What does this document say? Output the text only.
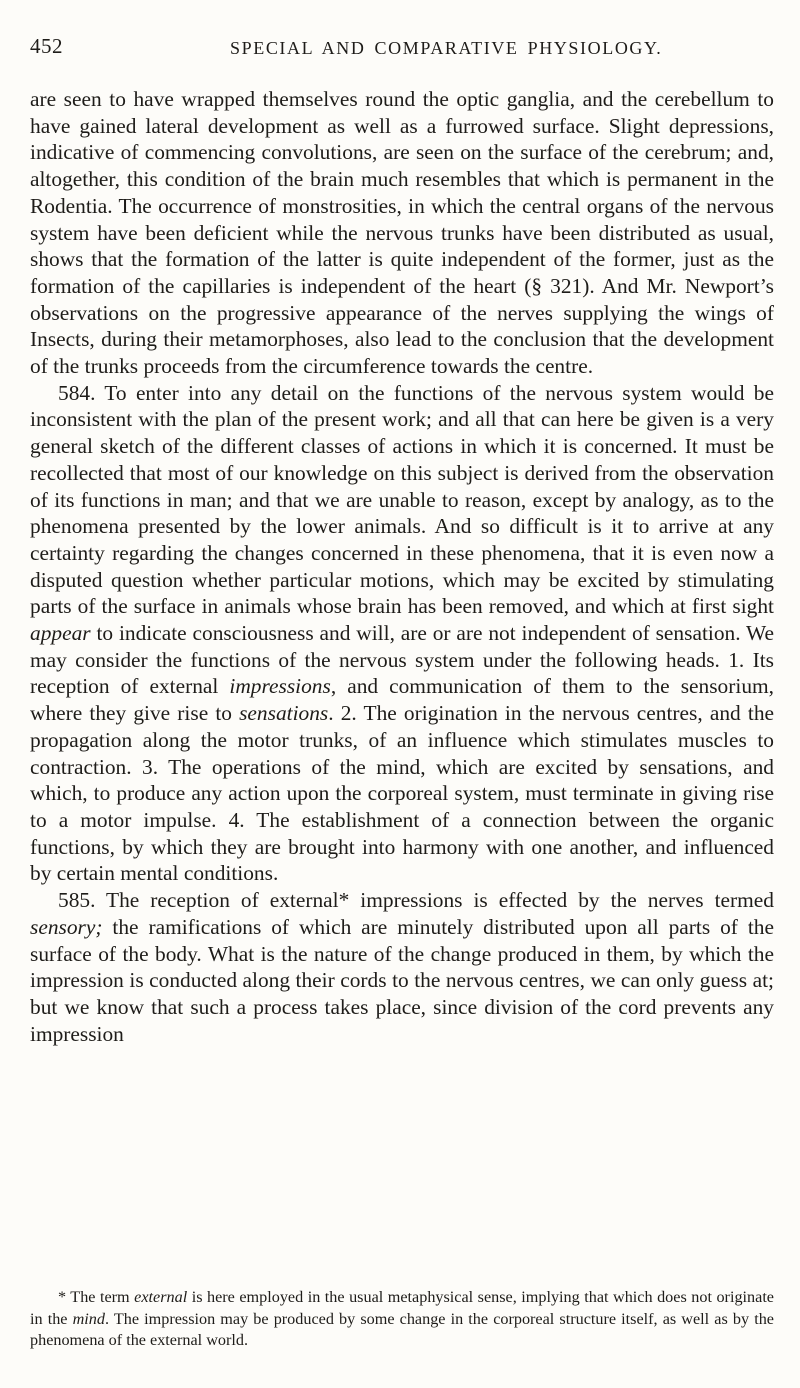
452	SPECIAL AND COMPARATIVE PHYSIOLOGY.

are seen to have wrapped themselves round the optic ganglia, and the cerebellum to have gained lateral development as well as a furrowed surface. Slight depressions, indicative of commencing convolutions, are seen on the surface of the cerebrum; and, altogether, this condition of the brain much resembles that which is permanent in the Rodentia. The occurrence of monstrosities, in which the central organs of the nervous system have been deficient while the nervous trunks have been distributed as usual, shows that the formation of the latter is quite independent of the former, just as the formation of the capillaries is independent of the heart (§ 321). And Mr. Newport’s observations on the progressive appearance of the nerves supplying the wings of Insects, during their metamorphoses, also lead to the conclusion that the development of the trunks proceeds from the circumference towards the centre.

584. To enter into any detail on the functions of the nervous system would be inconsistent with the plan of the present work; and all that can here be given is a very general sketch of the different classes of actions in which it is concerned. It must be recollected that most of our knowledge on this subject is derived from the observation of its functions in man; and that we are unable to reason, except by analogy, as to the phenomena presented by the lower animals. And so difficult is it to arrive at any certainty regarding the changes concerned in these phenomena, that it is even now a disputed question whether particular motions, which may be excited by stimulating parts of the surface in animals whose brain has been removed, and which at first sight appear to indicate consciousness and will, are or are not independent of sensation. We may consider the functions of the nervous system under the following heads. 1. Its reception of external impressions, and communication of them to the sensorium, where they give rise to sensations. 2. The origination in the nervous centres, and the propagation along the motor trunks, of an influence which stimulates muscles to contraction. 3. The operations of the mind, which are excited by sensations, and which, to produce any action upon the corporeal system, must terminate in giving rise to a motor impulse. 4. The establishment of a connection between the organic functions, by which they are brought into harmony with one another, and influenced by certain mental conditions.

585. The reception of external* impressions is effected by the nerves termed sensory; the ramifications of which are minutely distributed upon all parts of the surface of the body. What is the nature of the change produced in them, by which the impression is conducted along their cords to the nervous centres, we can only guess at; but we know that such a process takes place, since division of the cord prevents any impression

* The term external is here employed in the usual metaphysical sense, implying that which does not originate in the mind. The impression may be produced by some change in the corporeal structure itself, as well as by the phenomena of the external world.
